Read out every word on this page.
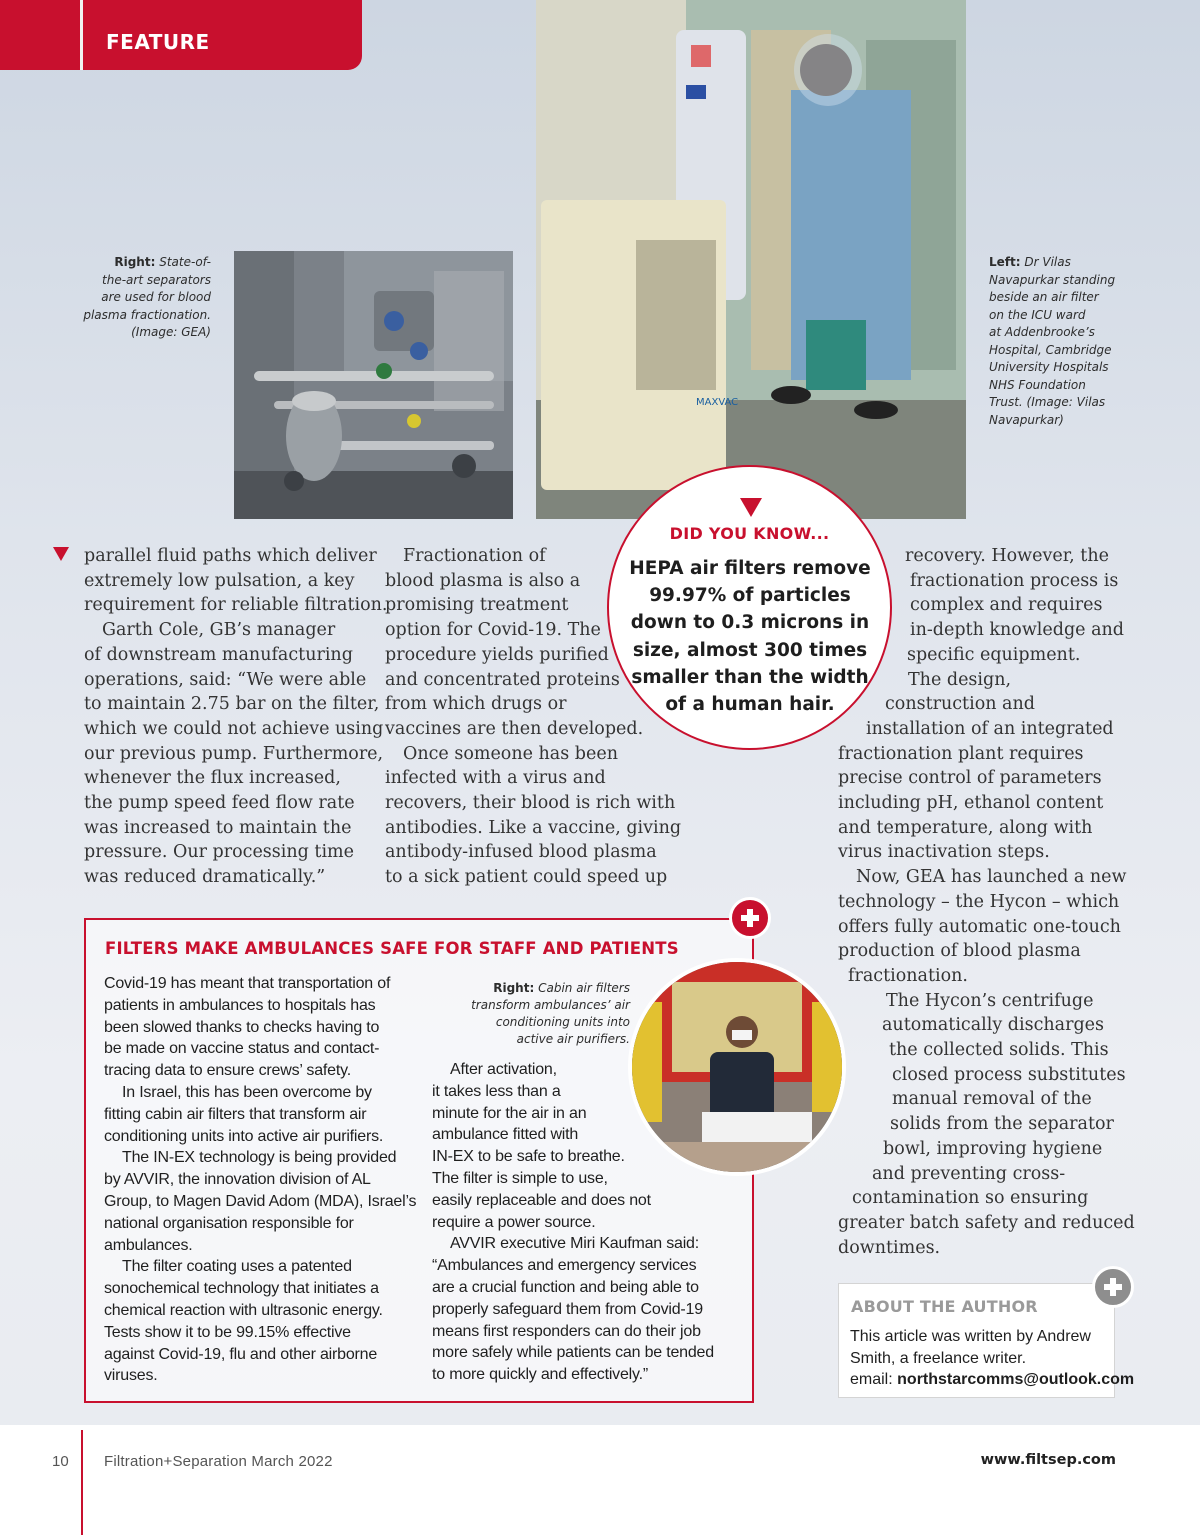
FEATURE
MAXVAC
Right: State-of-
the-art separators
are used for blood
plasma fractionation.
(Image: GEA)
Left: Dr Vilas
Navapurkar standing
beside an air filter
on the ICU ward
at Addenbrooke’s
Hospital, Cambridge
University Hospitals
NHS Foundation
Trust. (Image: Vilas
Navapurkar)

parallel fluid paths which deliver

extremely low pulsation, a key

requirement for reliable filtration.

Garth Cole, GB’s manager

of downstream manufacturing

operations, said: “We were able

to maintain 2.75 bar on the filter,

which we could not achieve using

our previous pump. Furthermore,

whenever the flux increased,

the pump speed feed flow rate

was increased to maintain the

pressure. Our processing time

was reduced dramatically.”

Fractionation of

blood plasma is also a

promising treatment

option for Covid-19. The

procedure yields purified

and concentrated proteins

from which drugs or

vaccines are then developed.

Once someone has been

infected with a virus and

recovers, their blood is rich with

antibodies. Like a vaccine, giving

antibody-infused blood plasma

to a sick patient could speed up

recovery. However, the

fractionation process is

complex and requires

in-depth knowledge and

specific equipment.

The design,

construction and

installation of an integrated

fractionation plant requires

precise control of parameters

including pH, ethanol content

and temperature, along with

virus inactivation steps.

Now, GEA has launched a new

technology – the Hycon – which

offers fully automatic one-touch

production of blood plasma

fractionation.

The Hycon’s centrifuge

automatically discharges

the collected solids. This

closed process substitutes

manual removal of the

solids from the separator

bowl, improving hygiene

and preventing cross-

contamination so ensuring

greater batch safety and reduced

downtimes.

DID YOU KNOW...
HEPA air filters remove 99.97% of particles down to 0.3 microns in size, almost 300 times smaller than the width of a human hair.
FILTERS MAKE AMBULANCES SAFE FOR STAFF AND PATIENTS

Covid-19 has meant that transportation of

patients in ambulances to hospitals has

been slowed thanks to checks having to

be made on vaccine status and contact-

tracing data to ensure crews’ safety.

In Israel, this has been overcome by

fitting cabin air filters that transform air

conditioning units into active air purifiers.

The IN-EX technology is being provided

by AVVIR, the innovation division of AL

Group, to Magen David Adom (MDA), Israel’s

national organisation responsible for

ambulances.

The filter coating uses a patented

sonochemical technology that initiates a

chemical reaction with ultrasonic energy.

Tests show it to be 99.15% effective

against Covid-19, flu and other airborne

viruses.

Right: Cabin air filters
transform ambulances’ air
conditioning units into
active air purifiers.

After activation,

it takes less than a

minute for the air in an

ambulance fitted with

IN-EX to be safe to breathe.

The filter is simple to use,

easily replaceable and does not

require a power source.

AVVIR executive Miri Kaufman said:

“Ambulances and emergency services

are a crucial function and being able to

properly safeguard them from Covid-19

means first responders can do their job

more safely while patients can be tended

to more quickly and effectively.”

ABOUT THE AUTHOR

This article was written by Andrew

Smith, a freelance writer.

email: northstarcomms@outlook.com

10 Filtration+Separation March 2022	www.filtsep.com
